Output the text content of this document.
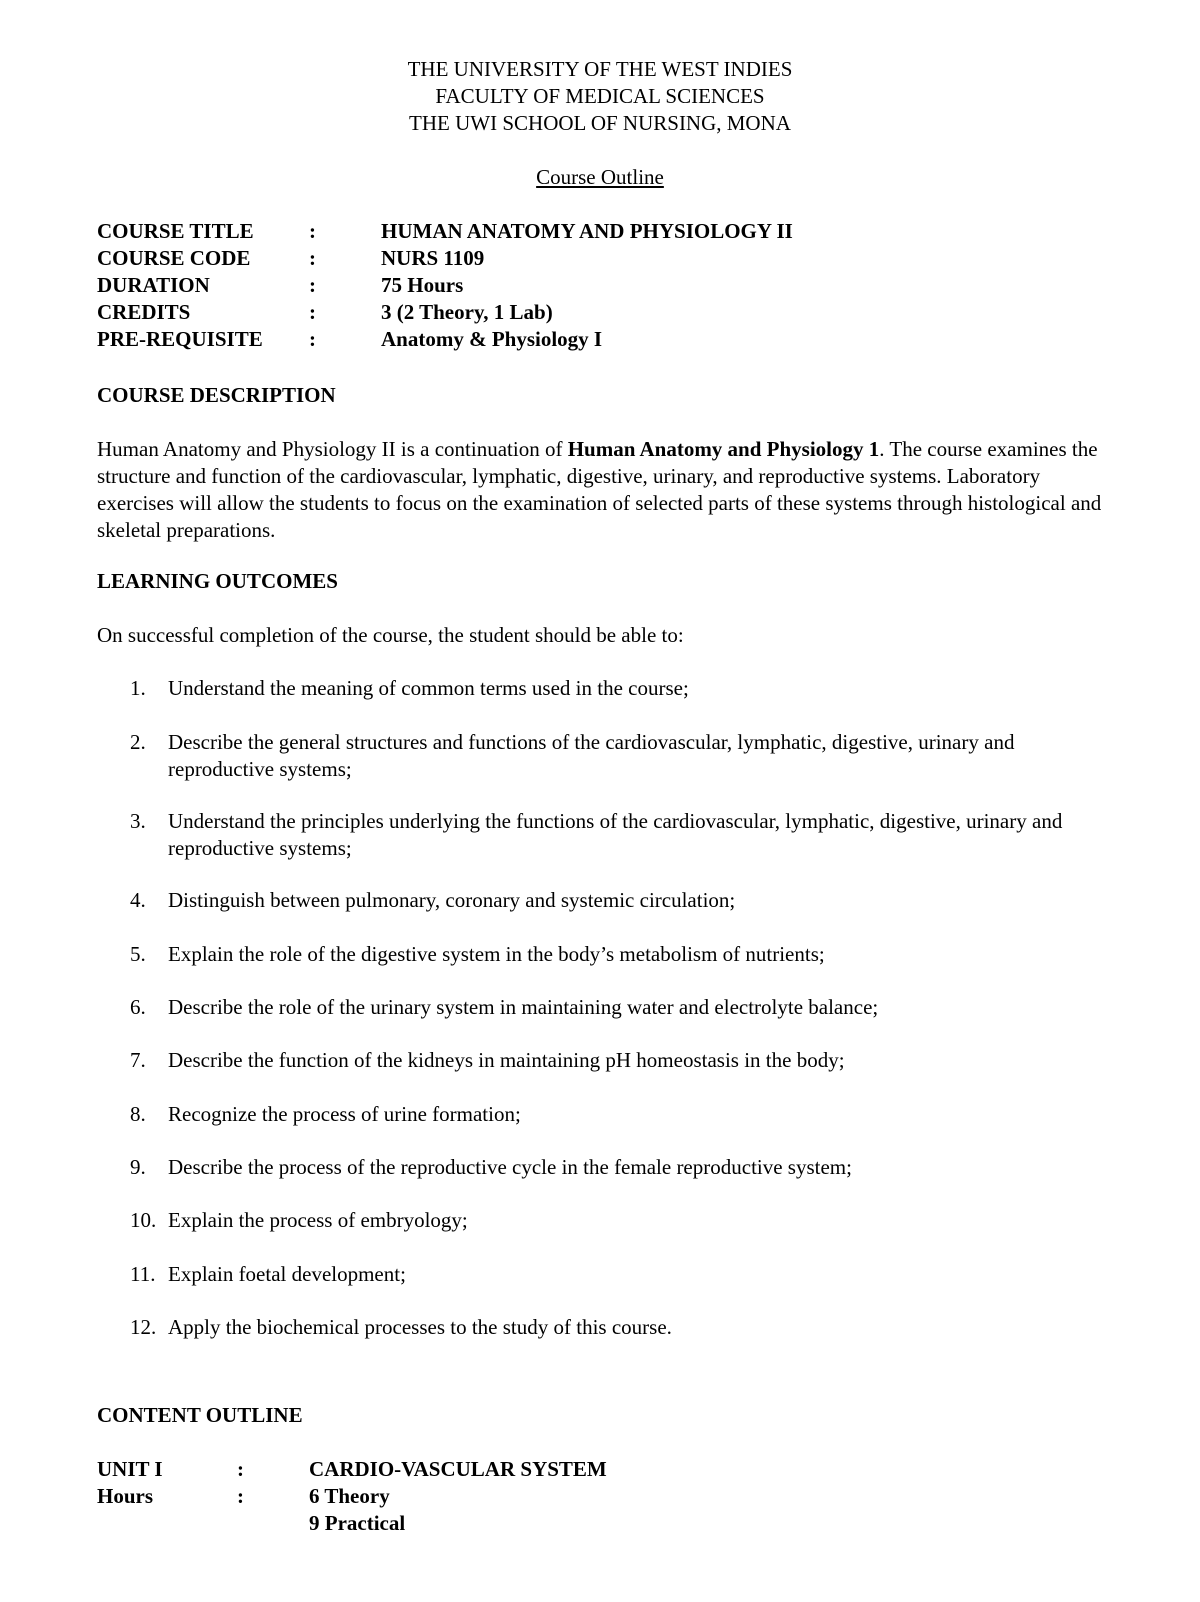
THE UNIVERSITY OF THE WEST INDIES
FACULTY OF MEDICAL SCIENCES
THE UWI SCHOOL OF NURSING, MONA
Course Outline
COURSE TITLE	:	HUMAN ANATOMY AND PHYSIOLOGY II
COURSE CODE	:	NURS 1109
DURATION	:	75 Hours
CREDITS	:	3 (2 Theory, 1 Lab)
PRE-REQUISITE :	Anatomy & Physiology I
COURSE DESCRIPTION
Human Anatomy and Physiology II is a continuation of Human Anatomy and Physiology 1. The course examines the structure and function of the cardiovascular, lymphatic, digestive, urinary, and reproductive systems. Laboratory exercises will allow the students to focus on the examination of selected parts of these systems through histological and skeletal preparations.
LEARNING OUTCOMES
On successful completion of the course, the student should be able to:
1.	Understand the meaning of common terms used in the course;
2.	Describe the general structures and functions of the cardiovascular, lymphatic, digestive, urinary and reproductive systems;
3.	Understand the principles underlying the functions of the cardiovascular, lymphatic, digestive, urinary and reproductive systems;
4.	Distinguish between pulmonary, coronary and systemic circulation;
5.	Explain the role of the digestive system in the body’s metabolism of nutrients;
6.	Describe the role of the urinary system in maintaining water and electrolyte balance;
7.	Describe the function of the kidneys in maintaining pH homeostasis in the body;
8.	Recognize the process of urine formation;
9.	Describe the process of the reproductive cycle in the female reproductive system;
10. Explain the process of embryology;
11. Explain foetal development;
12. Apply the biochemical processes to the study of this course.
CONTENT OUTLINE
UNIT I	:	CARDIO-VASCULAR SYSTEM
Hours	:	6 Theory
9 Practical
